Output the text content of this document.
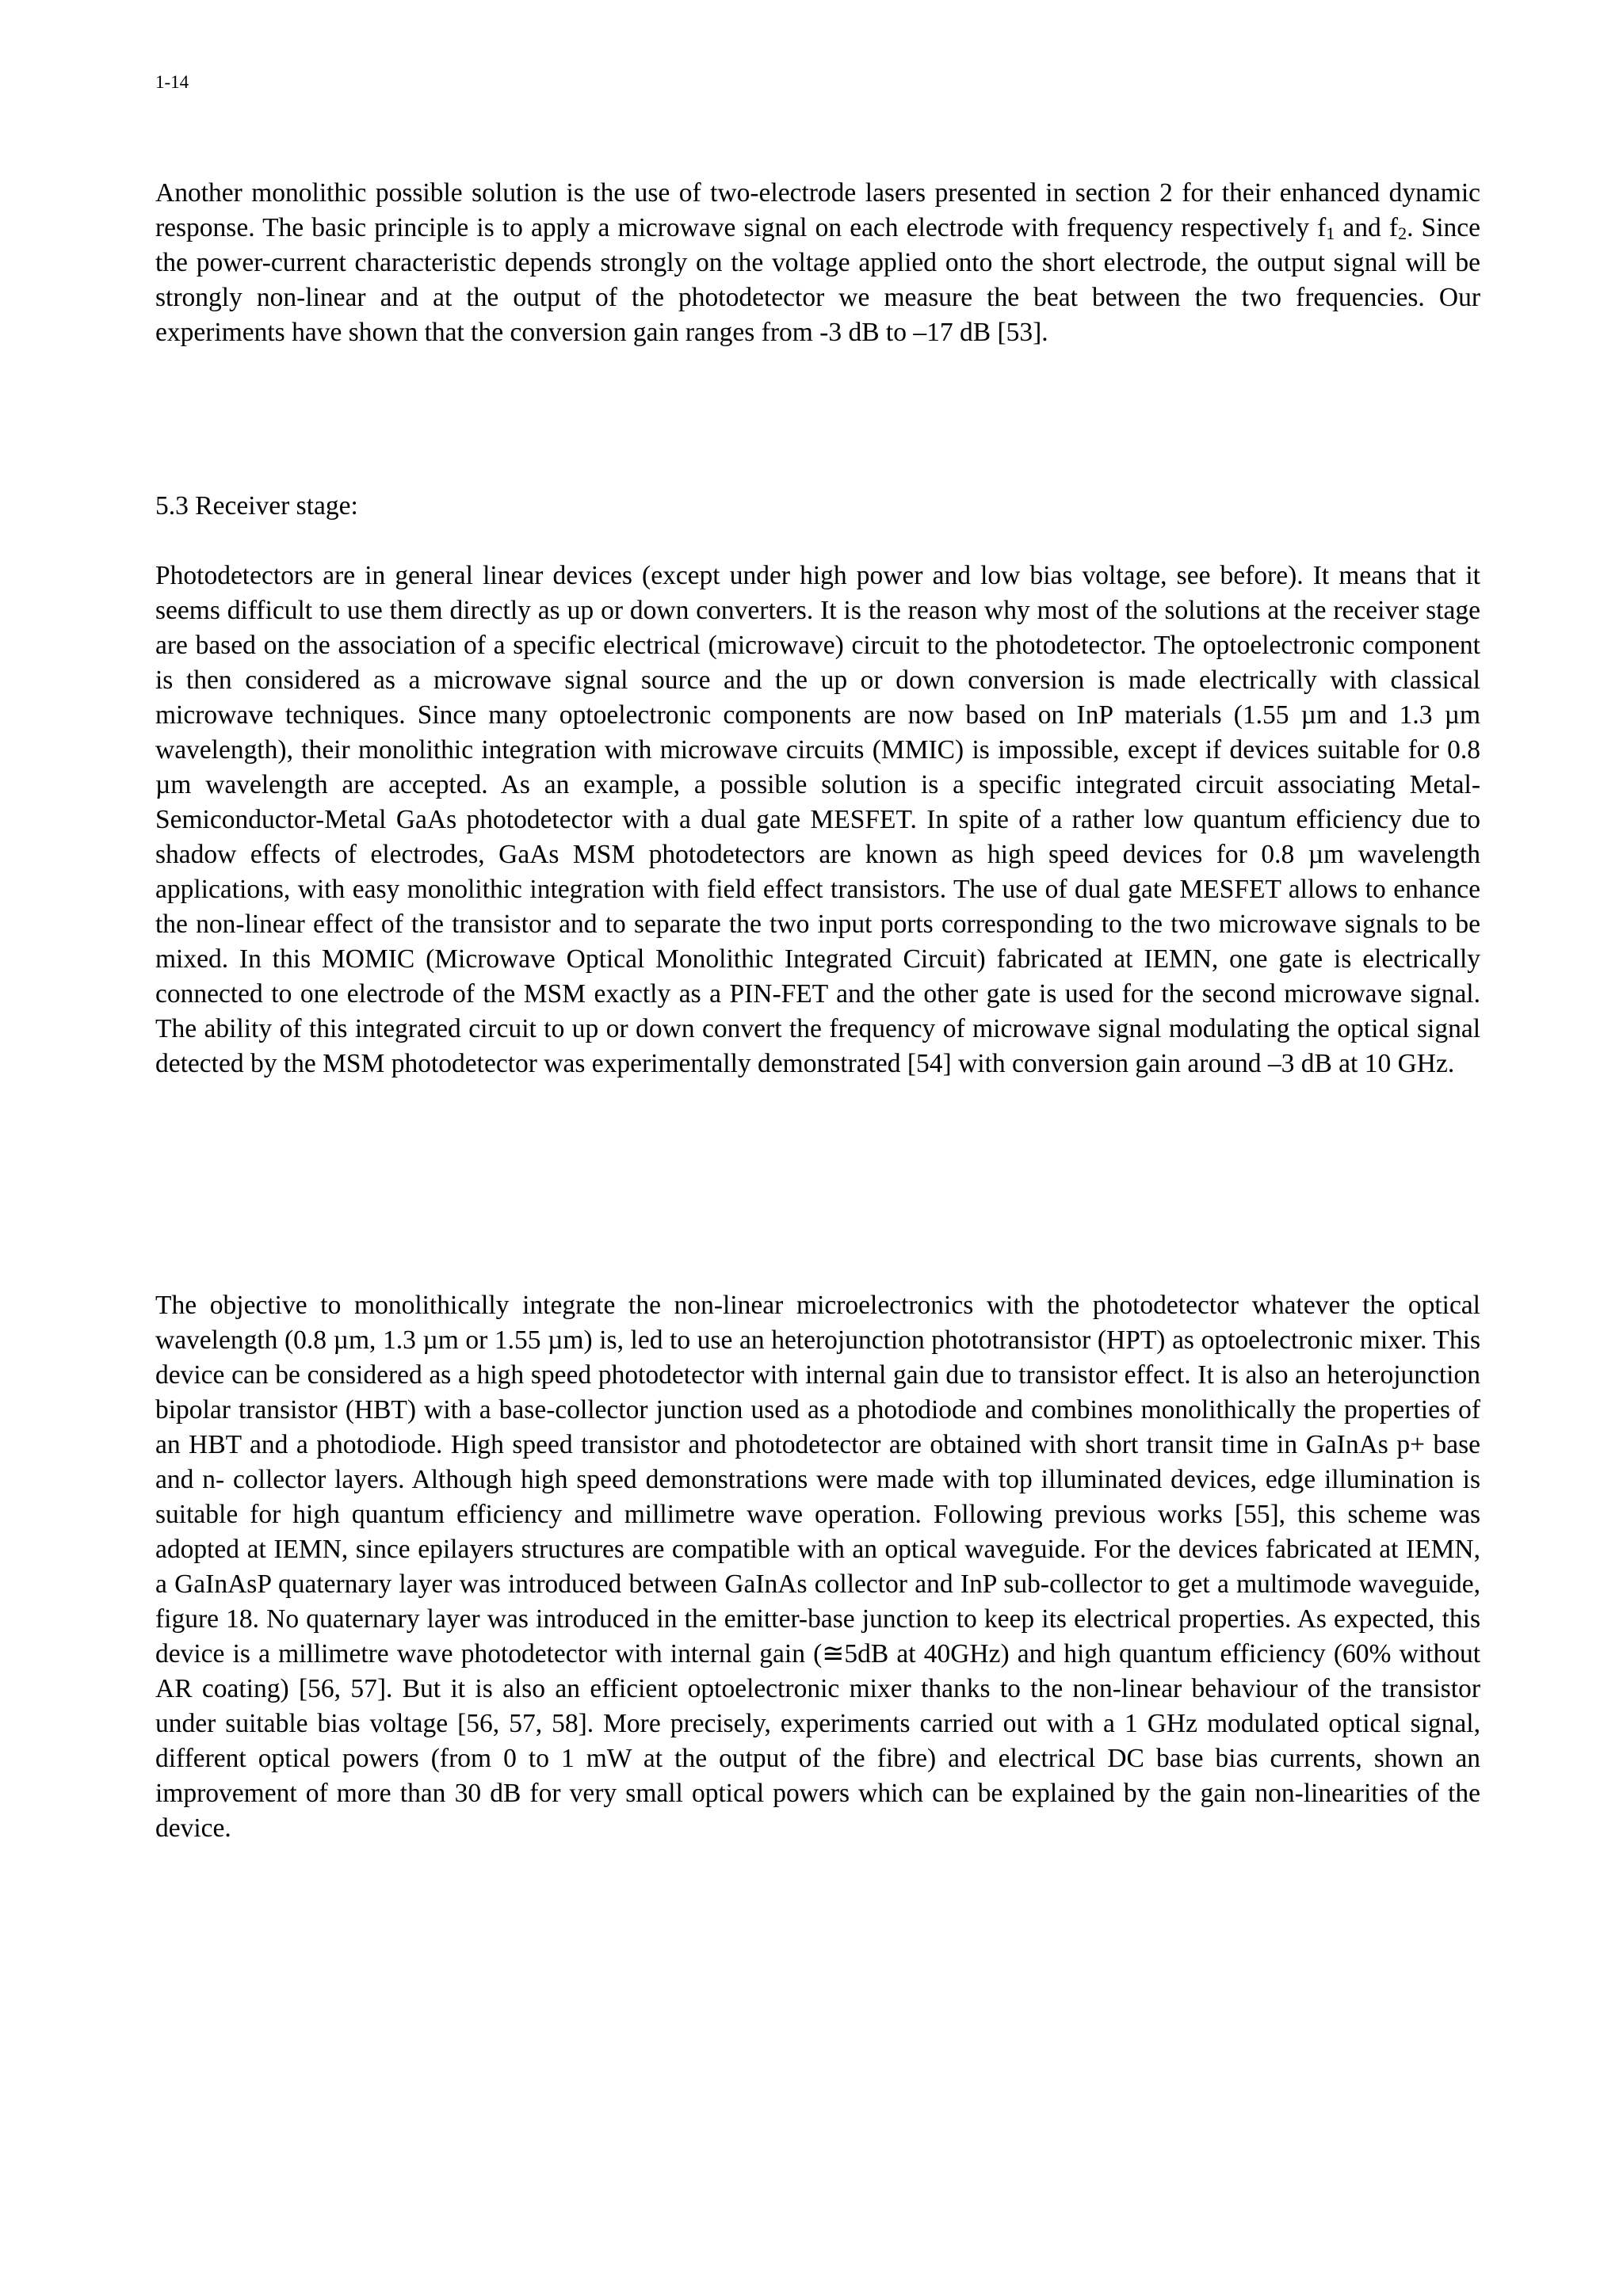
1-14

Another monolithic possible solution is the use of two-electrode lasers presented in section 2 for their enhanced dynamic response. The basic principle is to apply a microwave signal on each electrode with frequency respectively $f_1$ and $f_2$. Since the power-current characteristic depends strongly on the voltage applied onto the short electrode, the output signal will be strongly non-linear and at the output of the photodetector we measure the beat between the two frequencies. Our experiments have shown that the conversion gain ranges from -3 dB to –17 dB [53].

5.3 Receiver stage:

Photodetectors are in general linear devices (except under high power and low bias voltage, see before). It means that it seems difficult to use them directly as up or down converters. It is the reason why most of the solutions at the receiver stage are based on the association of a specific electrical (microwave) circuit to the photodetector. The optoelectronic component is then considered as a microwave signal source and the up or down conversion is made electrically with classical microwave techniques. Since many optoelectronic components are now based on InP materials (1.55 µm and 1.3 µm wavelength), their monolithic integration with microwave circuits (MMIC) is impossible, except if devices suitable for 0.8 µm wavelength are accepted. As an example, a possible solution is a specific integrated circuit associating Metal-Semiconductor-Metal GaAs photodetector with a dual gate MESFET. In spite of a rather low quantum efficiency due to shadow effects of electrodes, GaAs MSM photodetectors are known as high speed devices for 0.8 µm wavelength applications, with easy monolithic integration with field effect transistors. The use of dual gate MESFET allows to enhance the non-linear effect of the transistor and to separate the two input ports corresponding to the two microwave signals to be mixed. In this MOMIC (Microwave Optical Monolithic Integrated Circuit) fabricated at IEMN, one gate is electrically connected to one electrode of the MSM exactly as a PIN-FET and the other gate is used for the second microwave signal. The ability of this integrated circuit to up or down convert the frequency of microwave signal modulating the optical signal detected by the MSM photodetector was experimentally demonstrated [54] with conversion gain around –3 dB at 10 GHz.

The objective to monolithically integrate the non-linear microelectronics with the photodetector whatever the optical wavelength (0.8 µm, 1.3 µm or 1.55 µm) is, led to use an heterojunction phototransistor (HPT) as optoelectronic mixer. This device can be considered as a high speed photodetector with internal gain due to transistor effect. It is also an heterojunction bipolar transistor (HBT) with a base-collector junction used as a photodiode and combines monolithically the properties of an HBT and a photodiode. High speed transistor and photodetector are obtained with short transit time in GaInAs p+ base and n- collector layers. Although high speed demonstrations were made with top illuminated devices, edge illumination is suitable for high quantum efficiency and millimetre wave operation. Following previous works [55], this scheme was adopted at IEMN, since epilayers structures are compatible with an optical waveguide. For the devices fabricated at IEMN, a GaInAsP quaternary layer was introduced between GaInAs collector and InP sub-collector to get a multimode waveguide, figure 18. No quaternary layer was introduced in the emitter-base junction to keep its electrical properties. As expected, this device is a millimetre wave photodetector with internal gain (≅5dB at 40GHz) and high quantum efficiency (60% without AR coating) [56, 57]. But it is also an efficient optoelectronic mixer thanks to the non-linear behaviour of the transistor under suitable bias voltage [56, 57, 58]. More precisely, experiments carried out with a 1 GHz modulated optical signal, different optical powers (from 0 to 1 mW at the output of the fibre) and electrical DC base bias currents, shown an improvement of more than 30 dB for very small optical powers which can be explained by the gain non-linearities of the device.
